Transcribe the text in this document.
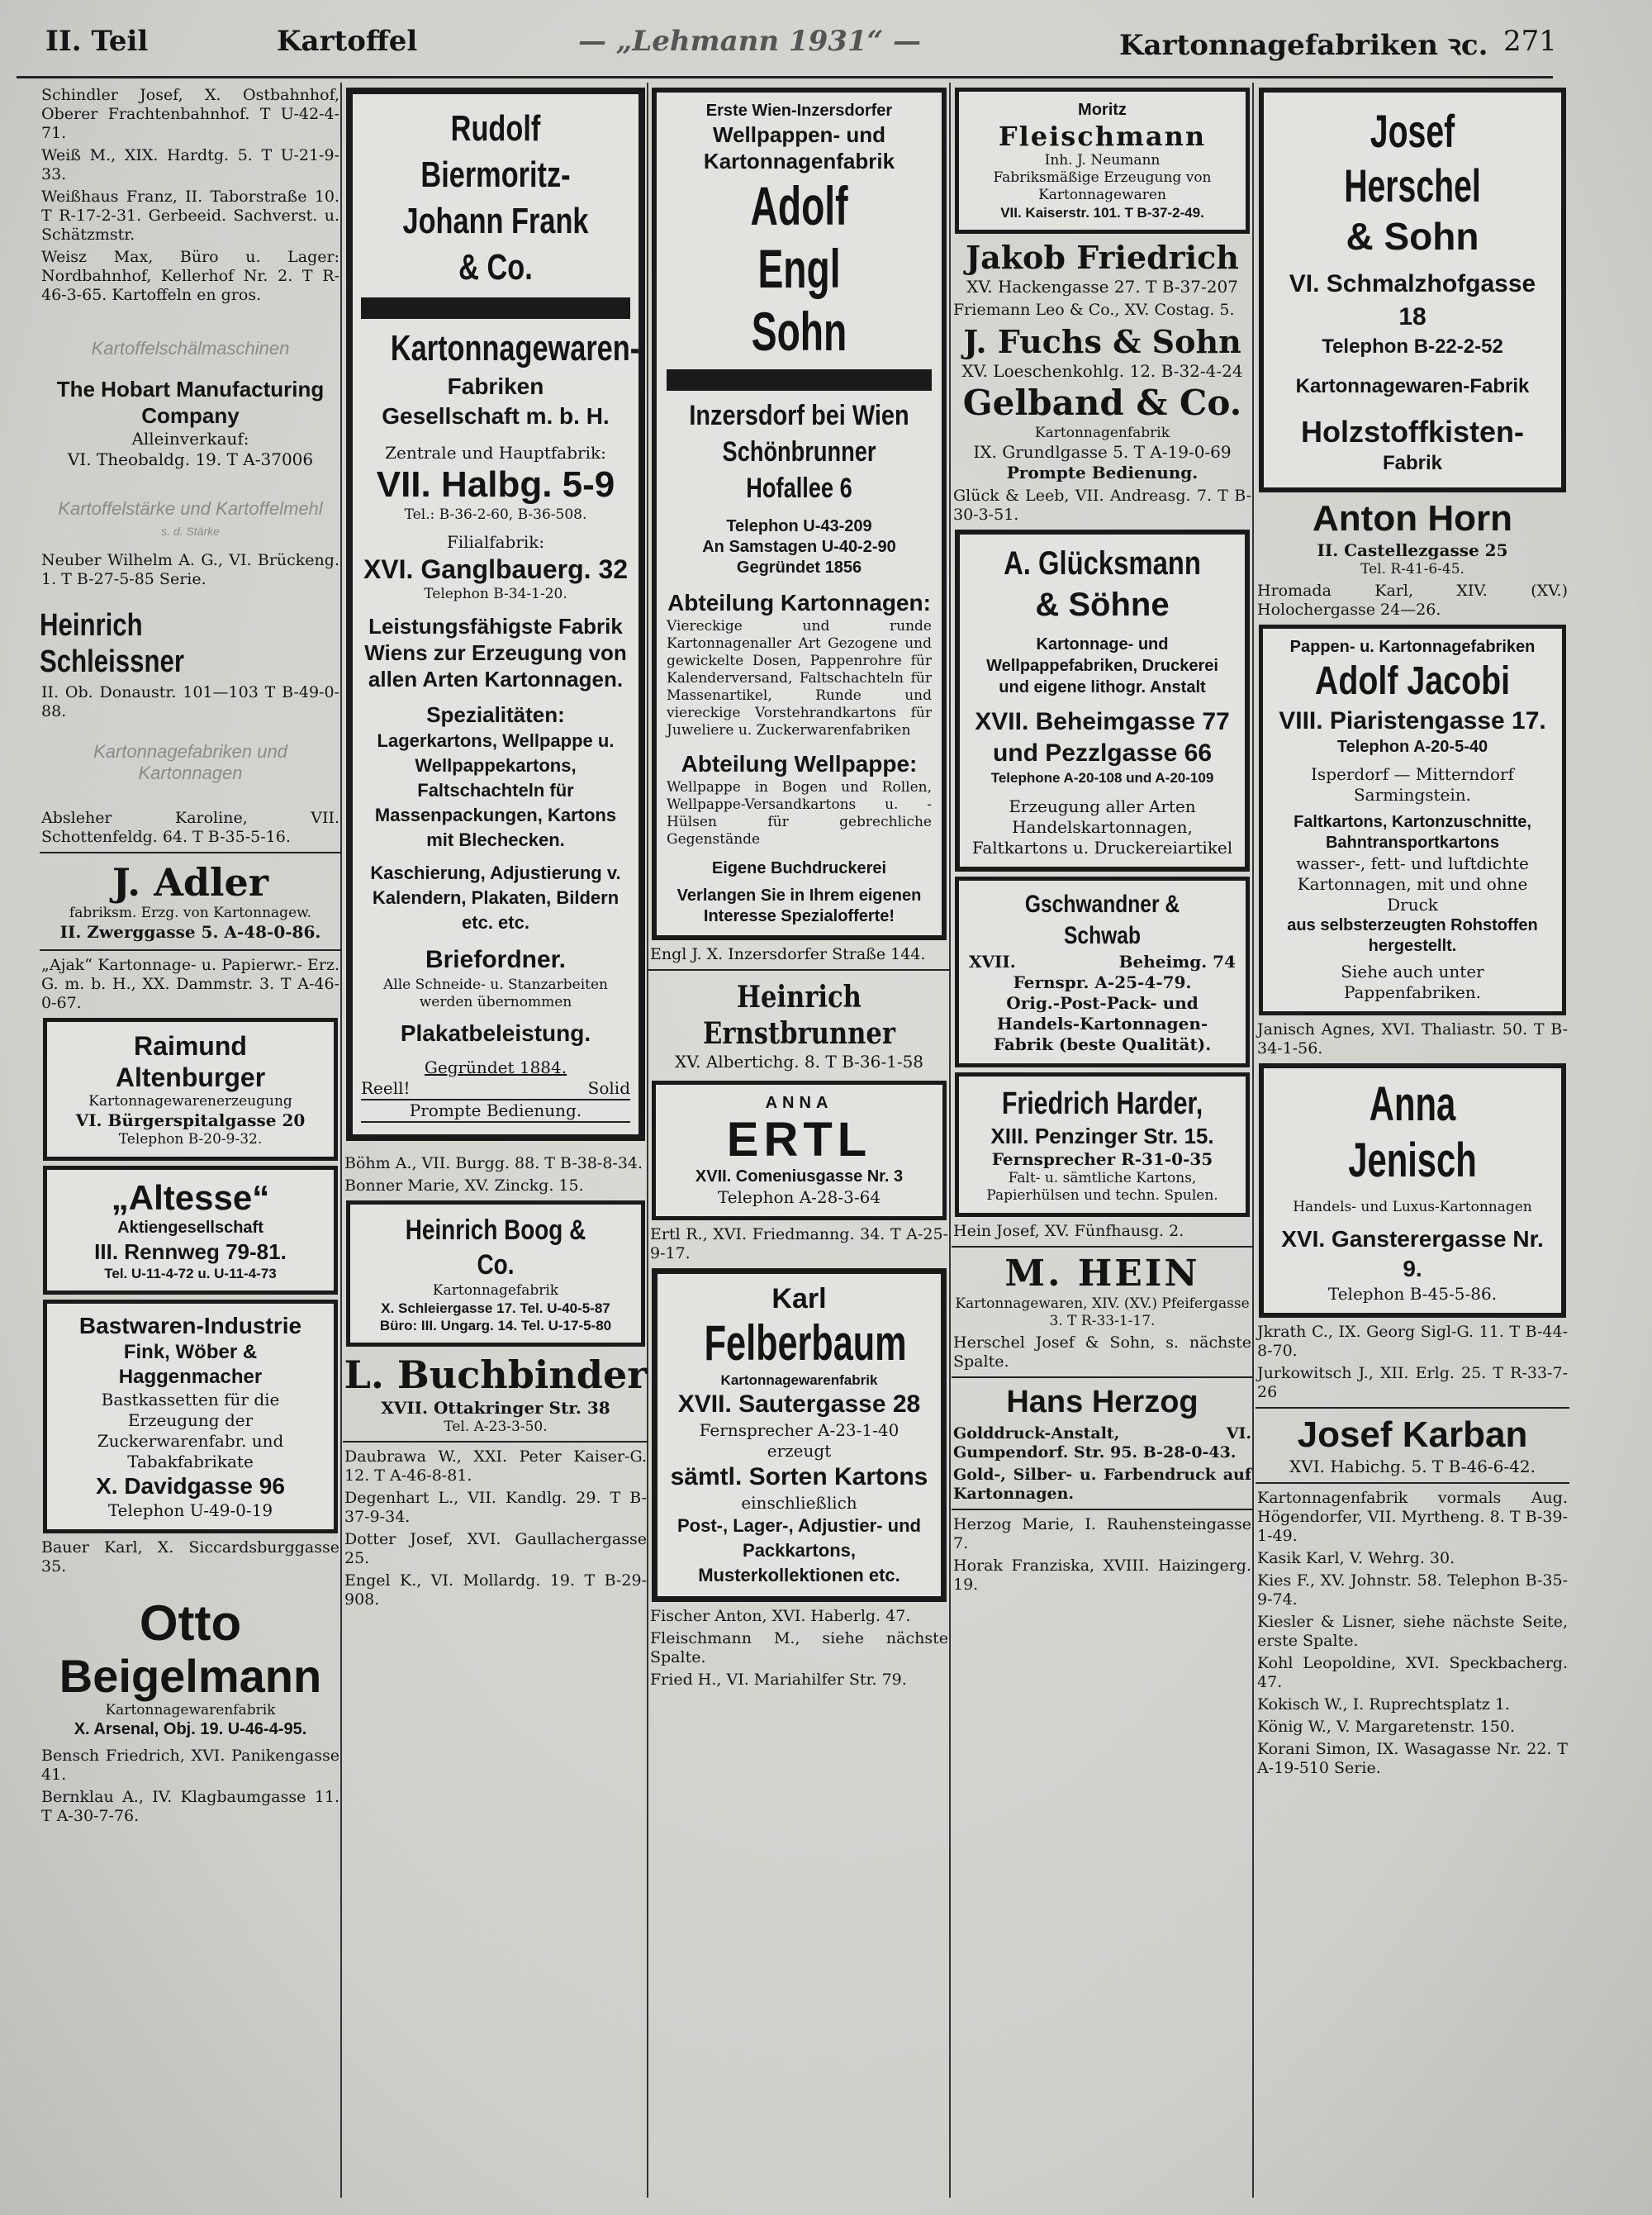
II. Teil	Kartoffel	— „Lehmann 1931“ —	Kartonnagefabriken ꝛc. 271
Schindler Josef, X. Ostbahnhof, Oberer Frachtenbahnhof. T U-42-4-71.
Weiß M., XIX. Hardtg. 5. T U-21-9-33.
Weißhaus Franz, II. Taborstraße 10. T R-17-2-31. Gerbeeid. Sachverst. u. Schätzmstr.
Weisz Max, Büro u. Lager: Nordbahnhof, Kellerhof Nr. 2. T R-46-3-65. Kartoffeln en gros.
Kartoffelschälmaschinen
The Hobart Manufacturing Company
Alleinverkauf:
VI. Theobaldg. 19. T A-37006
Kartoffelstärke und Kartoffelmehl
s. d. Stärke
Neuber Wilhelm A. G., VI. Brückeng. 1. T B-27-5-85 Serie.
Heinrich Schleissner
II. Ob. Donaustr. 101—103 T B-49-0-88.
Kartonnagefabriken und Kartonnagen
Absleher Karoline, VII. Schottenfeldg. 64. T B-35-5-16.
J. Adler
fabriksm. Erzg. von Kartonnagew.
II. Zwerggasse 5. A-48-0-86.
„Ajak“ Kartonnage- u. Papierwr.- Erz. G. m. b. H., XX. Dammstr. 3. T A-46-0-67.
Raimund Altenburger
Kartonnagewarenerzeugung
VI. Bürgerspitalgasse 20
Telephon B-20-9-32.
„Altesse“
Aktiengesellschaft
III. Rennweg 79-81.
Tel. U-11-4-72 u. U-11-4-73
Bastwaren-Industrie
Fink, Wöber & Haggenmacher
Bastkassetten für die Erzeugung der Zuckerwarenfabr. und Tabakfabrikate
X. Davidgasse 96
Telephon U-49-0-19
Bauer Karl, X. Siccardsburggasse 35.
Otto
Beigelmann
Kartonnagewarenfabrik
X. Arsenal, Obj. 19. U-46-4-95.
Bensch Friedrich, XVI. Panikengasse 41.
Bernklau A., IV. Klagbaumgasse 11. T A-30-7-76.
Rudolf Biermoritz-
Johann Frank & Co.
Kartonnagewaren-
Fabriken
Gesellschaft m. b. H.
Zentrale und Hauptfabrik:
VII. Halbg. 5-9
Tel.: B-36-2-60, B-36-508.
Filialfabrik:
XVI. Ganglbauerg. 32
Telephon B-34-1-20.
Leistungsfähigste Fabrik Wiens zur Erzeugung von allen Arten Kartonnagen.
Spezialitäten:
Lagerkartons, Wellpappe u. Wellpappekartons, Faltschachteln für Massenpackungen, Kartons mit Blechecken.
Kaschierung, Adjustierung v. Kalendern, Plakaten, Bildern etc. etc.
Briefordner.
Alle Schneide- u. Stanzarbeiten werden übernommen
Plakatbeleistung.
Gegründet 1884.
Reell!	Solid
Prompte Bedienung.
Böhm A., VII. Burgg. 88. T B-38-8-34.
Bonner Marie, XV. Zinckg. 15.
Heinrich Boog & Co.
Kartonnagefabrik
X. Schleiergasse 17. Tel. U-40-5-87
Büro: III. Ungarg. 14. Tel. U-17-5-80
L. Buchbinder
XVII. Ottakringer Str. 38
Tel. A-23-3-50.
Daubrawa W., XXI. Peter Kaiser-G. 12. T A-46-8-81.
Degenhart L., VII. Kandlg. 29. T B-37-9-34.
Dotter Josef, XVI. Gaullachergasse 25.
Engel K., VI. Mollardg. 19. T B-29-908.
Erste Wien-Inzersdorfer
Wellpappen- und Kartonnagenfabrik
Adolf Engl Sohn
Inzersdorf bei Wien
Schönbrunner Hofallee 6
Telephon U-43-209
An Samstagen U-40-2-90
Gegründet 1856
Abteilung Kartonnagen:
Viereckige und runde Kartonnagenaller Art Gezogene und gewickelte Dosen, Pappenrohre für Kalenderversand, Faltschachteln für Massenartikel, Runde und viereckige Vorstehrandkartons für Juweliere u. Zuckerwarenfabriken
Abteilung Wellpappe:
Wellpappe in Bogen und Rollen, Wellpappe-Versandkartons u. -Hülsen für gebrechliche Gegenstände
Eigene Buchdruckerei
Verlangen Sie in Ihrem eigenen Interesse Spezialofferte!
Engl J. X. Inzersdorfer Straße 144.
Heinrich Ernstbrunner
XV. Albertichg. 8. T B-36-1-58
ANNA
ERTL
XVII. Comeniusgasse Nr. 3
Telephon A-28-3-64
Ertl R., XVI. Friedmanng. 34. T A-25-9-17.
Karl
Felberbaum
Kartonnagewarenfabrik
XVII. Sautergasse 28
Fernsprecher A-23-1-40
erzeugt
sämtl. Sorten Kartons
einschließlich
Post-, Lager-, Adjustier- und Packkartons, Musterkollektionen etc.
Fischer Anton, XVI. Haberlg. 47.
Fleischmann M., siehe nächste Spalte.
Fried H., VI. Mariahilfer Str. 79.
Moritz
Fleischmann
Inh. J. Neumann
Fabriksmäßige Erzeugung von Kartonnagewaren
VII. Kaiserstr. 101. T B-37-2-49.
Jakob Friedrich
XV. Hackengasse 27. T B-37-207
Friemann Leo & Co., XV. Costag. 5.
J. Fuchs & Sohn
XV. Loeschenkohlg. 12. B-32-4-24
Gelband & Co.
Kartonnagenfabrik
IX. Grundlgasse 5. T A-19-0-69
Prompte Bedienung.
Glück & Leeb, VII. Andreasg. 7. T B-30-3-51.
A. Glücksmann
& Söhne
Kartonnage- und Wellpappefabriken, Druckerei und eigene lithogr. Anstalt
XVII. Beheimgasse 77
und Pezzlgasse 66
Telephone A-20-108 und A-20-109
Erzeugung aller Arten Handelskartonnagen, Faltkartons u. Druckereiartikel
Gschwandner & Schwab
XVII.	Beheimg. 74
Fernspr. A-25-4-79.
Orig.-Post-Pack- und Handels-Kartonnagen-Fabrik (beste Qualität).
Friedrich Harder,
XIII. Penzinger Str. 15.
Fernsprecher R-31-0-35
Falt- u. sämtliche Kartons, Papierhülsen und techn. Spulen.
Hein Josef, XV. Fünfhausg. 2.
M. HEIN
Kartonnagewaren, XIV. (XV.) Pfeifergasse 3. T R-33-1-17.
Herschel Josef & Sohn, s. nächste Spalte.
Hans Herzog
Golddruck-Anstalt, VI. Gumpendorf. Str. 95. B-28-0-43.
Gold-, Silber- u. Farbendruck auf Kartonnagen.
Herzog Marie, I. Rauhensteingasse 7.
Horak Franziska, XVIII. Haizingerg. 19.
Josef Herschel
& Sohn
VI. Schmalzhofgasse 18
Telephon B-22-2-52
Kartonnagewaren-Fabrik
Holzstoffkisten-
Fabrik
Anton Horn
II. Castellezgasse 25
Tel. R-41-6-45.
Hromada Karl, XIV. (XV.) Holochergasse 24—26.
Pappen- u. Kartonnagefabriken
Adolf Jacobi
VIII. Piaristengasse 17.
Telephon A-20-5-40
Isperdorf — Mitterndorf Sarmingstein.
Faltkartons, Kartonzuschnitte, Bahntransportkartons
wasser-, fett- und luftdichte Kartonnagen, mit und ohne Druck
aus selbsterzeugten Rohstoffen hergestellt.
Siehe auch unter Pappenfabriken.
Janisch Agnes, XVI. Thaliastr. 50. T B-34-1-56.
Anna Jenisch
Handels- und Luxus-Kartonnagen
XVI. Gansterergasse Nr. 9.
Telephon B-45-5-86.
Jkrath C., IX. Georg Sigl-G. 11. T B-44-8-70.
Jurkowitsch J., XII. Erlg. 25. T R-33-7-26
Josef Karban
XVI. Habichg. 5. T B-46-6-42.
Kartonnagenfabrik vormals Aug. Högendorfer, VII. Myrtheng. 8. T B-39-1-49.
Kasik Karl, V. Wehrg. 30.
Kies F., XV. Johnstr. 58. Telephon B-35-9-74.
Kiesler & Lisner, siehe nächste Seite, erste Spalte.
Kohl Leopoldine, XVI. Speckbacherg. 47.
Kokisch W., I. Ruprechtsplatz 1.
König W., V. Margaretenstr. 150.
Korani Simon, IX. Wasagasse Nr. 22. T A-19-510 Serie.
